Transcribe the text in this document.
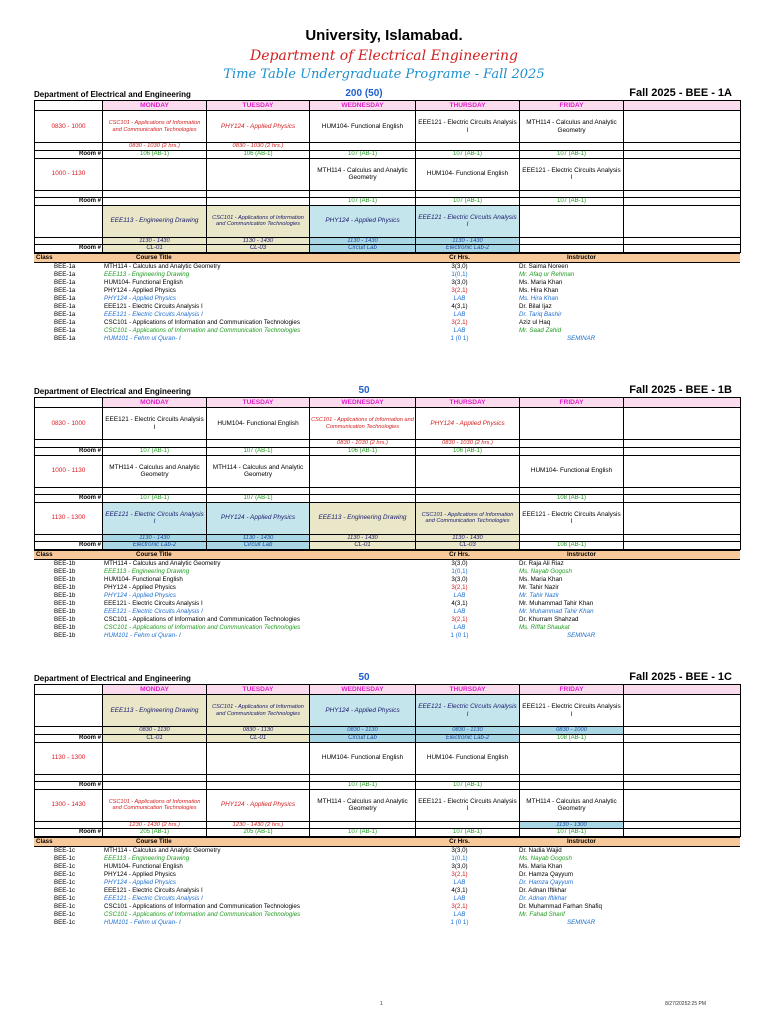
University, Islamabad.
Department of Electrical Engineering
Time Table Undergraduate Programe - Fall 2025
Department of Electrical and Engineering	200 (50)	Fall 2025 - BEE - 1A
	MONDAY	TUESDAY	WEDNESDAY	THURSDAY	FRIDAY	
0830 - 1000	CSC101 - Applications of Information and Communication Technologies	PHY124 - Applied Physics	HUM104- Functional English	EEE121 - Electric Circuits Analysis I	MTH114 - Calculus and Analytic Geometry	
	0830 - 1030 (2 hrs.)	0830 - 1030 (2 hrs.)				
Room #	106 (AB-1)	106 (AB-1)	107 (AB-1)	107 (AB-1)	107 (AB-1)	
1000 - 1130			MTH114 - Calculus and Analytic Geometry	HUM104- Functional English	EEE121 - Electric Circuits Analysis I	

Room #			107 (AB-1)	107 (AB-1)	107 (AB-1)	
	EEE113 - Engineering Drawing	CSC101 - Applications of Information and Communication Technologies	PHY124 - Applied Physics	EEE121 - Electric Circuits Analysis I		
	1130 - 1430	1130 - 1430	1130 - 1430	1130 - 1430		
Room #	CL-01	CL-03	Circuit Lab	Electronic Lab-2		
Class	Course Title	Cr Hrs.	Instructor
BEE-1a	MTH114 - Calculus and Analytic Geometry	3(3,0)	Dr. Saima Noreen
BEE-1a	EEE113 - Engineering Drawing	1(0,1)	Mr. Afaq ur Rehman
BEE-1a	HUM104- Functional English	3(3,0)	Ms. Maria Khan
BEE-1a	PHY124 - Applied Physics	3(2,1)	Ms. Hira Khan
BEE-1a	PHY124 - Applied Physics	LAB	Ms. Hira Khan
BEE-1a	EEE121 - Electric Circuits Analysis I	4(3,1)	Dr. Bilal Ijaz
BEE-1a	EEE121 - Electric Circuits Analysis I	LAB	Dr. Tariq Bashir
BEE-1a	CSC101 - Applications of Information and Communication Technologies	3(2,1)	Aziz ul Haq
BEE-1a	CSC101 - Applications of Information and Communication Technologies	LAB	Mr. Saad Zahid
BEE-1a	HUM101 - Fehm ul Quran- I	1 (0 1)	SEMINAR
Department of Electrical and Engineering	50	Fall 2025 - BEE - 1B
	MONDAY	TUESDAY	WEDNESDAY	THURSDAY	FRIDAY	
0830 - 1000	EEE121 - Electric Circuits Analysis I	HUM104- Functional English	CSC101 - Applications of Information and Communication Technologies	PHY124 - Applied Physics		
			0830 - 1030 (2 hrs.)	0830 - 1030 (2 hrs.)		
Room #	107 (AB-1)	107 (AB-1)	106 (AB-1)	106 (AB-1)		
1000 - 1130	MTH114 - Calculus and Analytic Geometry	MTH114 - Calculus and Analytic Geometry			HUM104- Functional English	

Room #	107 (AB-1)	107 (AB-1)			108 (AB-1)	
1130 - 1300	EEE121 - Electric Circuits Analysis I	PHY124 - Applied Physics	EEE113 - Engineering Drawing	CSC101 - Applications of Information and Communication Technologies	EEE121 - Electric Circuits Analysis I	
	1130 - 1430	1130 - 1430	1130 - 1430	1130 - 1430		
Room #	Electronic Lab-2	Circuit Lab	CL-01	CL-03	108 (AB-1)	
Class	Course Title	Cr Hrs.	Instructor
BEE-1b	MTH114 - Calculus and Analytic Geometry	3(3,0)	Dr. Raja Ali Riaz
BEE-1b	EEE113 - Engineering Drawing	1(0,1)	Ms. Nayab Gogosh
BEE-1b	HUM104- Functional English	3(3,0)	Ms. Maria Khan
BEE-1b	PHY124 - Applied Physics	3(2,1)	Mr. Tahir Nazir
BEE-1b	PHY124 - Applied Physics	LAB	Mr. Tahir Nazir
BEE-1b	EEE121 - Electric Circuits Analysis I	4(3,1)	Mr. Muhammad Tahir Khan
BEE-1b	EEE121 - Electric Circuits Analysis I	LAB	Mr. Muhammad Tahir Khan
BEE-1b	CSC101 - Applications of Information and Communication Technologies	3(2,1)	Dr. Khurram Shahzad
BEE-1b	CSC101 - Applications of Information and Communication Technologies	LAB	Ms. Riffat Shaukat
BEE-1b	HUM101 - Fehm ul Quran- I	1 (0 1)	SEMINAR
Department of Electrical and Engineering	50	Fall 2025 - BEE - 1C
	MONDAY	TUESDAY	WEDNESDAY	THURSDAY	FRIDAY	
	EEE113 - Engineering Drawing	CSC101 - Applications of Information and Communication Technologies	PHY124 - Applied Physics	EEE121 - Electric Circuits Analysis I	EEE121 - Electric Circuits Analysis I	
	0830 - 1130	0830 - 1130	0830 - 1130	0830 - 1130	0830 - 1000	
Room #	CL-01	CL-01	Circuit Lab	Electronic Lab-2	108 (AB-1)	
1130 - 1300			HUM104- Functional English	HUM104- Functional English		

Room #			107 (AB-1)	107 (AB-1)		
1300 - 1430	CSC101 - Applications of Information and Communication Technologies	PHY124 - Applied Physics	MTH114 - Calculus and Analytic Geometry	EEE121 - Electric Circuits Analysis I	MTH114 - Calculus and Analytic Geometry	
	1230 - 1430 (2 hrs.)	1230 - 1430 (2 hrs.)			1130 - 1300	
Room #	205 (AB-1)	205 (AB-1)	107 (AB-1)	107 (AB-1)	107 (AB-1)	
Class	Course Title	Cr Hrs.	Instructor
BEE-1c	MTH114 - Calculus and Analytic Geometry	3(3,0)	Dr. Nadia Wajid
BEE-1c	EEE113 - Engineering Drawing	1(0,1)	Ms. Nayab Gogosh
BEE-1c	HUM104- Functional English	3(3,0)	Ms. Maria Khan
BEE-1c	PHY124 - Applied Physics	3(2,1)	Dr. Hamza Qayyum
BEE-1c	PHY124 - Applied Physics	LAB	Dr. Hamza Qayyum
BEE-1c	EEE121 - Electric Circuits Analysis I	4(3,1)	Dr. Adnan Iftikhar
BEE-1c	EEE121 - Electric Circuits Analysis I	LAB	Dr. Adnan Iftikhar
BEE-1c	CSC101 - Applications of Information and Communication Technologies	3(2,1)	Dr. Muhammad Farhan Shafiq
BEE-1c	CSC101 - Applications of Information and Communication Technologies	LAB	Mr. Fahad Sharif
BEE-1c	HUM101 - Fehm ul Quran- I	1 (0 1)	SEMINAR
1	8/27/20252:25 PM
